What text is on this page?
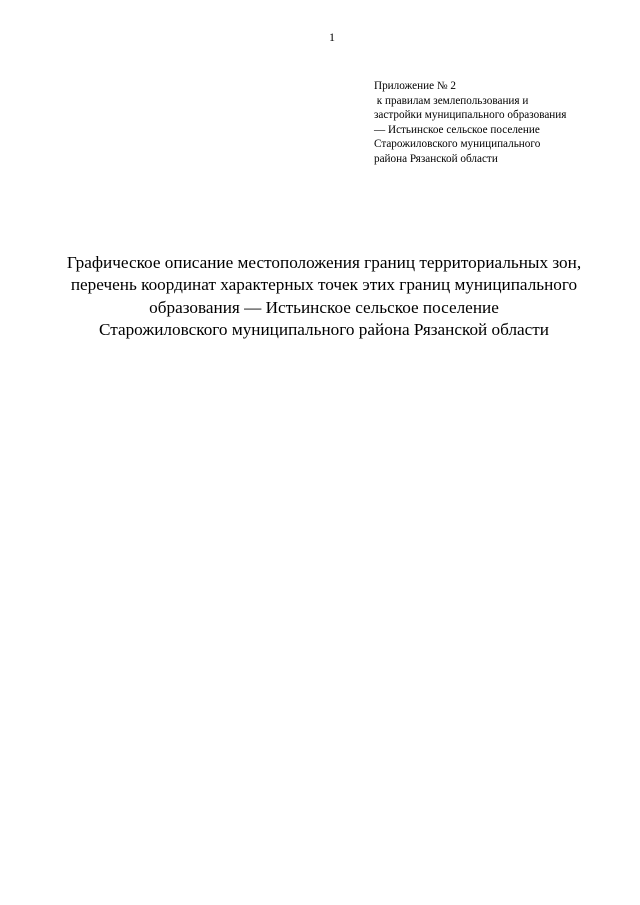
1
Приложение № 2
к правилам землепользования и
застройки муниципального образования
— Истьинское сельское поселение
Старожиловского муниципального
района Рязанской области
Графическое описание местоположения границ территориальных зон,
перечень координат характерных точек этих границ муниципального
образования — Истьинское сельское поселение
Старожиловского муниципального района Рязанской области
